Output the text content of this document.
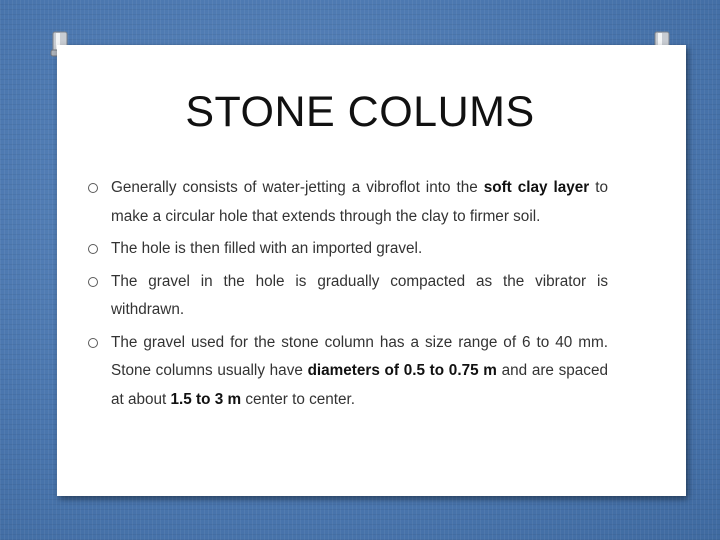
STONE COLUMS
Generally consists of water-jetting a vibroflot into the soft clay layer to make a circular hole that extends through the clay to firmer soil.
The hole is then filled with an imported gravel.
The gravel in the hole is gradually compacted as the vibrator is withdrawn.
The gravel used for the stone column has a size range of 6 to 40 mm. Stone columns usually have diameters of 0.5 to 0.75 m and are spaced at about 1.5 to 3 m center to center.
